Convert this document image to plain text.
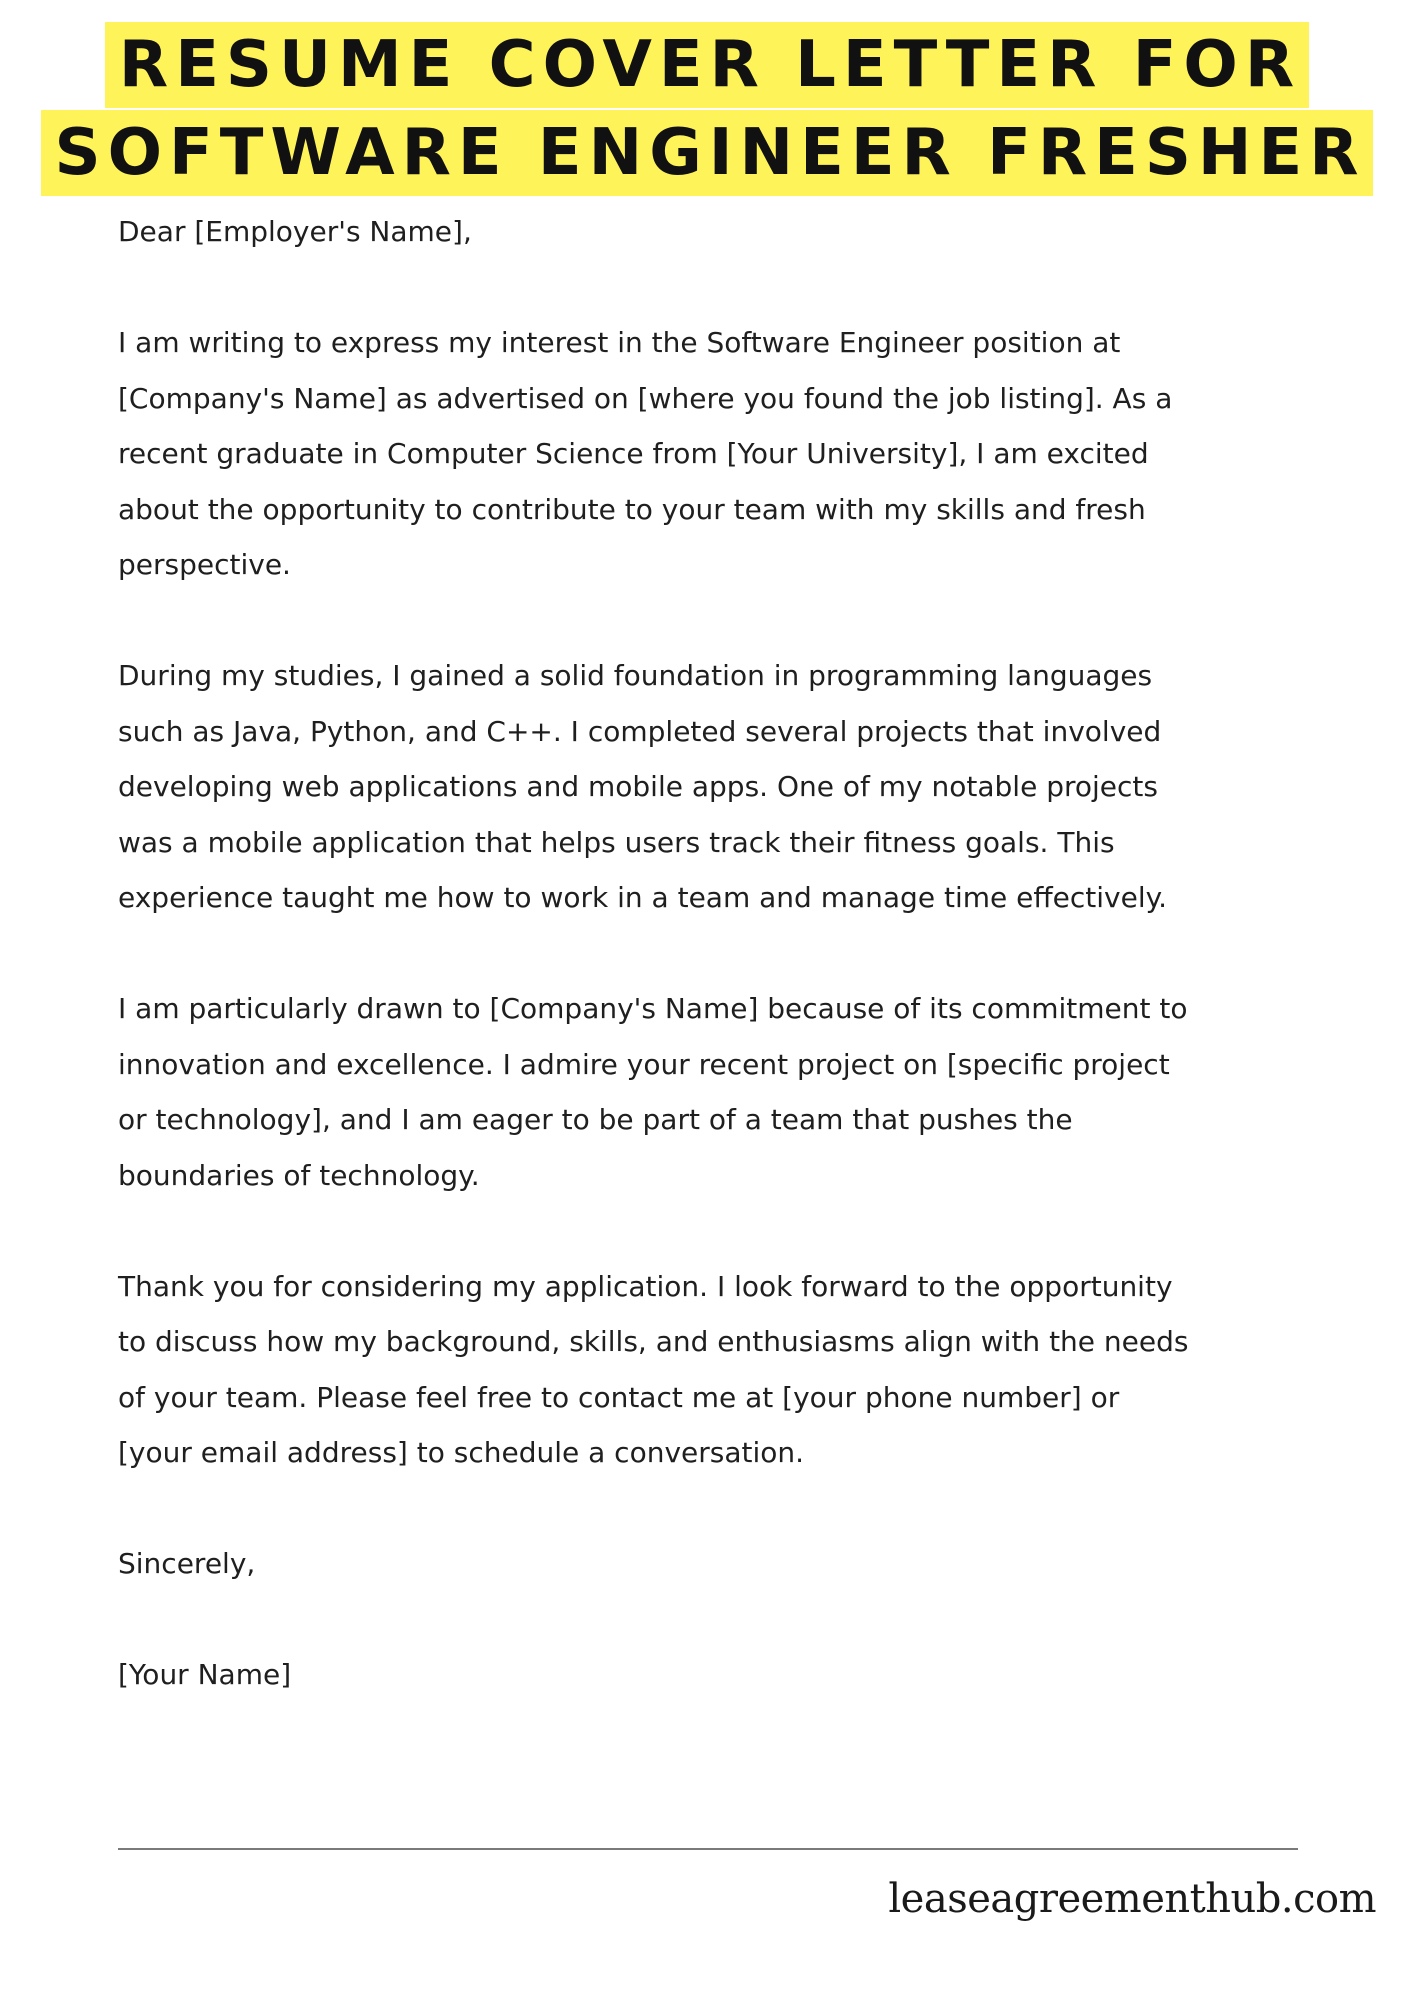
RESUME COVER LETTER FOR
SOFTWARE ENGINEER FRESHER

Dear [Employer's Name],

I am writing to express my interest in the Software Engineer position at
[Company's Name] as advertised on [where you found the job listing]. As a
recent graduate in Computer Science from [Your University], I am excited
about the opportunity to contribute to your team with my skills and fresh
perspective.

During my studies, I gained a solid foundation in programming languages
such as Java, Python, and C++. I completed several projects that involved
developing web applications and mobile apps. One of my notable projects
was a mobile application that helps users track their fitness goals. This
experience taught me how to work in a team and manage time effectively.

I am particularly drawn to [Company's Name] because of its commitment to
innovation and excellence. I admire your recent project on [specific project
or technology], and I am eager to be part of a team that pushes the
boundaries of technology.

Thank you for considering my application. I look forward to the opportunity
to discuss how my background, skills, and enthusiasms align with the needs
of your team. Please feel free to contact me at [your phone number] or
[your email address] to schedule a conversation.

Sincerely,

[Your Name]

leaseagreementhub.com
